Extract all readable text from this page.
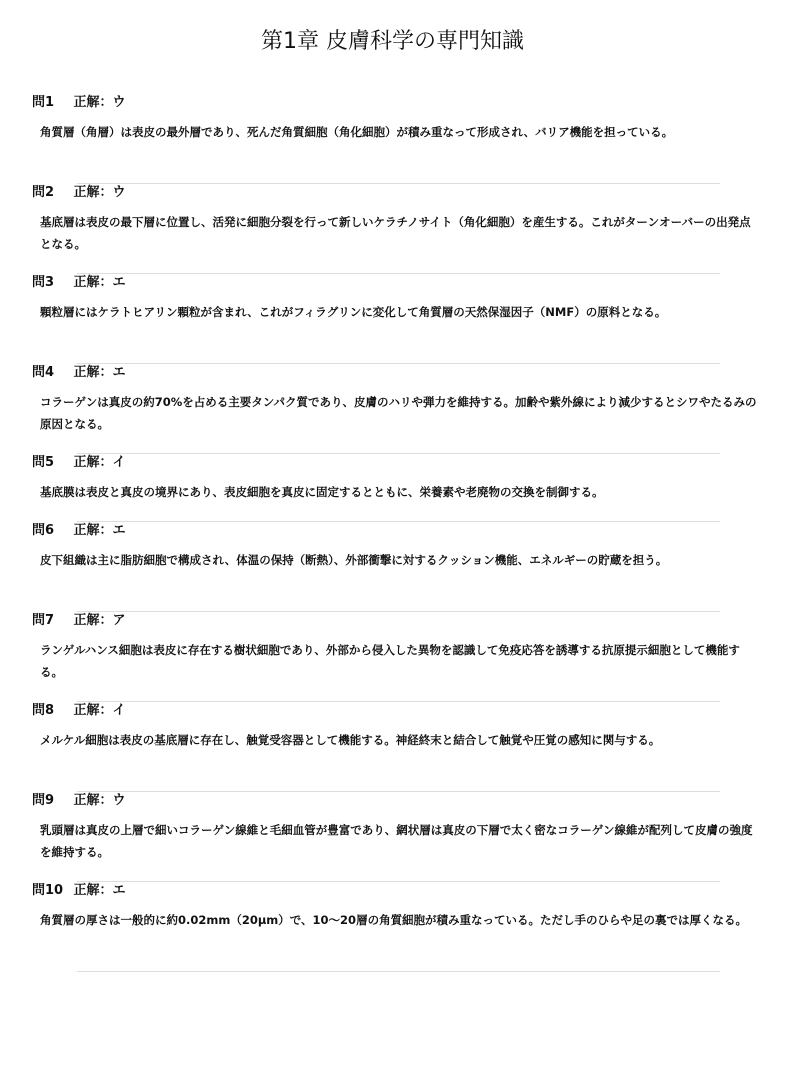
第1章 皮膚科学の専門知識
問1 正解：ウ
角質層（角層）は表皮の最外層であり、死んだ角質細胞（角化細胞）が積み重なって形成され、バリア機能を担っている。
問2 正解：ウ
基底層は表皮の最下層に位置し、活発に細胞分裂を行って新しいケラチノサイト（角化細胞）を産生する。これがターンオーバーの出発点となる。
問3 正解：エ
顆粒層にはケラトヒアリン顆粒が含まれ、これがフィラグリンに変化して角質層の天然保湿因子（NMF）の原料となる。
問4 正解：エ
コラーゲンは真皮の約70%を占める主要タンパク質であり、皮膚のハリや弾力を維持する。加齢や紫外線により減少するとシワやたるみの原因となる。
問5 正解：イ
基底膜は表皮と真皮の境界にあり、表皮細胞を真皮に固定するとともに、栄養素や老廃物の交換を制御する。
問6 正解：エ
皮下組織は主に脂肪細胞で構成され、体温の保持（断熱）、外部衝撃に対するクッション機能、エネルギーの貯蔵を担う。
問7 正解：ア
ランゲルハンス細胞は表皮に存在する樹状細胞であり、外部から侵入した異物を認識して免疫応答を誘導する抗原提示細胞として機能する。
問8 正解：イ
メルケル細胞は表皮の基底層に存在し、触覚受容器として機能する。神経終末と結合して触覚や圧覚の感知に関与する。
問9 正解：ウ
乳頭層は真皮の上層で細いコラーゲン線維と毛細血管が豊富であり、網状層は真皮の下層で太く密なコラーゲン線維が配列して皮膚の強度を維持する。
問10 正解：エ
角質層の厚さは一般的に約0.02mm（20μm）で、10〜20層の角質細胞が積み重なっている。ただし手のひらや足の裏では厚くなる。
